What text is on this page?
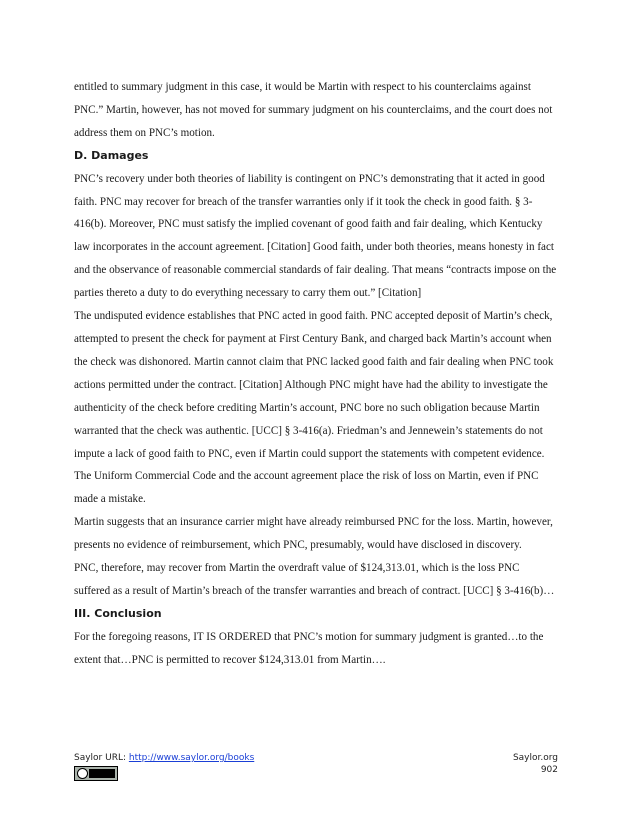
entitled to summary judgment in this case, it would be Martin with respect to his counterclaims against PNC.” Martin, however, has not moved for summary judgment on his counterclaims, and the court does not address them on PNC’s motion.

D. Damages

PNC’s recovery under both theories of liability is contingent on PNC’s demonstrating that it acted in good faith. PNC may recover for breach of the transfer warranties only if it took the check in good faith. § 3-416(b). Moreover, PNC must satisfy the implied covenant of good faith and fair dealing, which Kentucky law incorporates in the account agreement. [Citation] Good faith, under both theories, means honesty in fact and the observance of reasonable commercial standards of fair dealing. That means “contracts impose on the parties thereto a duty to do everything necessary to carry them out.” [Citation]

The undisputed evidence establishes that PNC acted in good faith. PNC accepted deposit of Martin’s check, attempted to present the check for payment at First Century Bank, and charged back Martin’s account when the check was dishonored. Martin cannot claim that PNC lacked good faith and fair dealing when PNC took actions permitted under the contract. [Citation] Although PNC might have had the ability to investigate the authenticity of the check before crediting Martin’s account, PNC bore no such obligation because Martin warranted that the check was authentic. [UCC] § 3-416(a). Friedman’s and Jennewein’s statements do not impute a lack of good faith to PNC, even if Martin could support the statements with competent evidence. The Uniform Commercial Code and the account agreement place the risk of loss on Martin, even if PNC made a mistake.

Martin suggests that an insurance carrier might have already reimbursed PNC for the loss. Martin, however, presents no evidence of reimbursement, which PNC, presumably, would have disclosed in discovery.

PNC, therefore, may recover from Martin the overdraft value of $124,313.01, which is the loss PNC suffered as a result of Martin’s breach of the transfer warranties and breach of contract. [UCC] § 3-416(b)…

III. Conclusion

For the foregoing reasons, IT IS ORDERED that PNC’s motion for summary judgment is granted…to the extent that…PNC is permitted to recover $124,313.01 from Martin….

Saylor URL: http://www.saylor.org/books	Saylor.org
902
